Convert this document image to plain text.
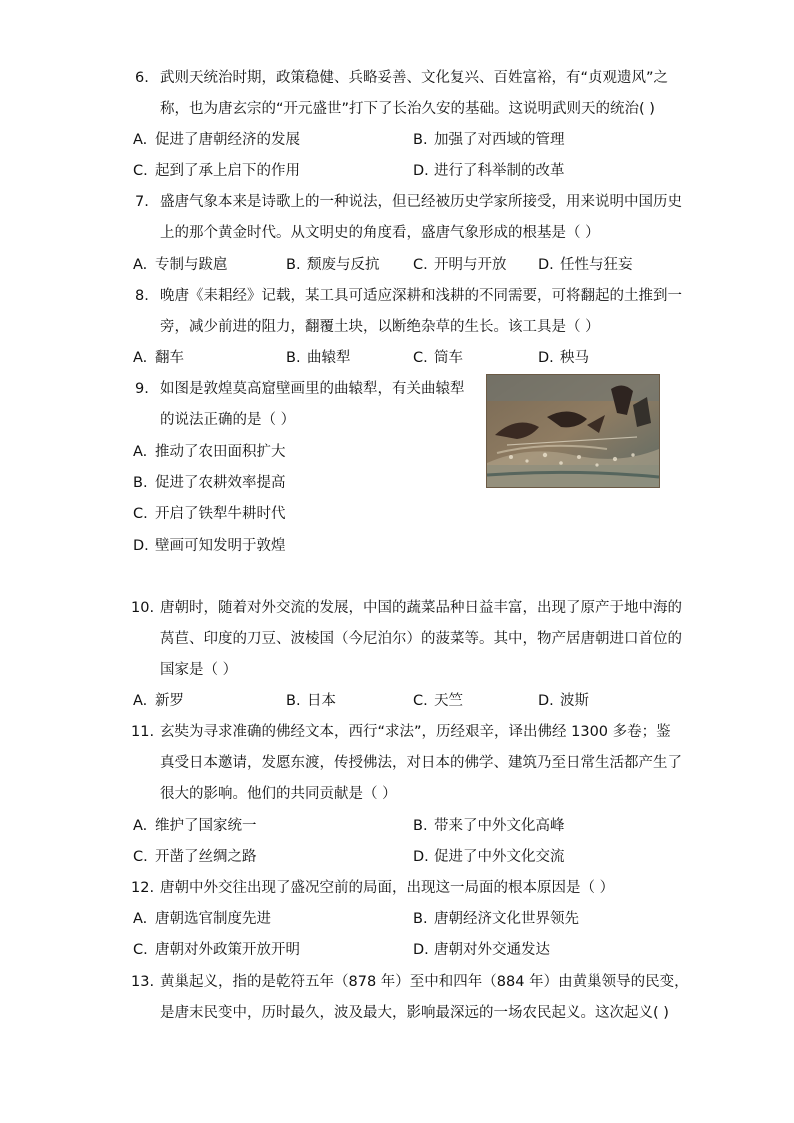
6. 武则天统治时期，政策稳健、兵略妥善、文化复兴、百姓富裕，有“贞观遗风”之
称，也为唐玄宗的“开元盛世”打下了长治久安的基础。这说明武则天的统治( )
A. 促进了唐朝经济的发展	B. 加强了对西域的管理
C. 起到了承上启下的作用	D. 进行了科举制的改革
7. 盛唐气象本来是诗歌上的一种说法，但已经被历史学家所接受，用来说明中国历史
上的那个黄金时代。从文明史的角度看，盛唐气象形成的根基是（ ）
A. 专制与跋扈	B. 颓废与反抗 C. 开明与开放 D. 任性与狂妄
8. 晚唐《耒耜经》记载，某工具可适应深耕和浅耕的不同需要，可将翻起的土推到一
旁，减少前进的阻力，翻覆土块，以断绝杂草的生长。该工具是（ ）
A. 翻车	B. 曲辕犁	C. 筒车	D. 秧马
9. 如图是敦煌莫高窟壁画里的曲辕犁，有关曲辕犁
的说法正确的是（ ）
A. 推动了农田面积扩大
B. 促进了农耕效率提高
C. 开启了铁犁牛耕时代
D. 壁画可知发明于敦煌
10. 唐朝时，随着对外交流的发展，中国的蔬菜品种日益丰富，出现了原产于地中海的
莴苣、印度的刀豆、波棱国（今尼泊尔）的菠菜等。其中，物产居唐朝进口首位的
国家是（ ）
A. 新罗	B. 日本	C. 天竺	D. 波斯
11. 玄奘为寻求准确的佛经文本，西行“求法”，历经艰辛，译出佛经 1300 多卷；鉴
真受日本邀请，发愿东渡，传授佛法，对日本的佛学、建筑乃至日常生活都产生了
很大的影响。他们的共同贡献是（ ）
A. 维护了国家统一	B. 带来了中外文化高峰
C. 开凿了丝绸之路	D. 促进了中外文化交流
12. 唐朝中外交往出现了盛况空前的局面，出现这一局面的根本原因是（ ）
A. 唐朝选官制度先进	B. 唐朝经济文化世界领先
C. 唐朝对外政策开放开明	D. 唐朝对外交通发达
13. 黄巢起义，指的是乾符五年（878 年）至中和四年（884 年）由黄巢领导的民变，
是唐末民变中，历时最久，波及最大，影响最深远的一场农民起义。这次起义( )
